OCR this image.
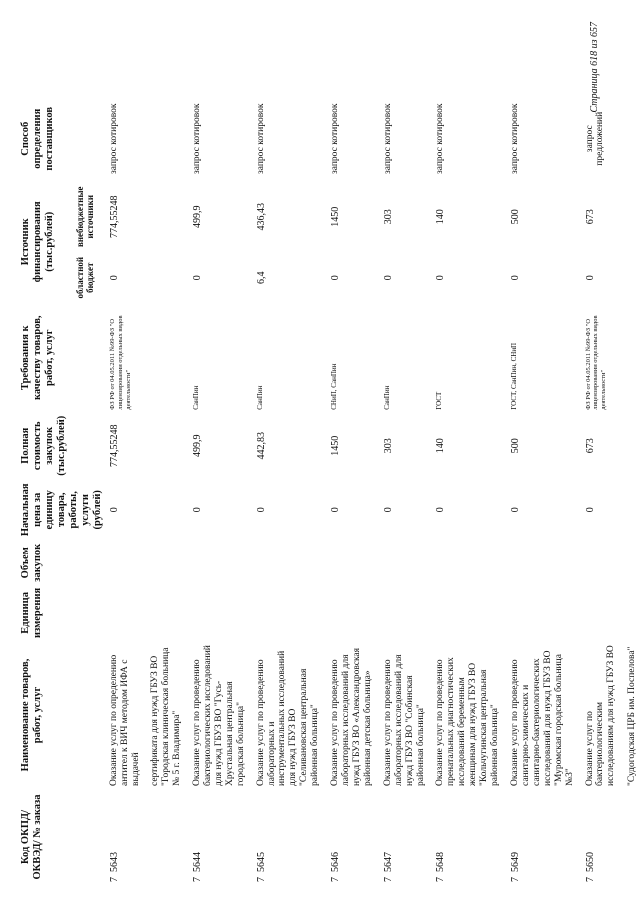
Код ОКПД/ ОКВЭД/ № заказа	Наименование товаров, работ, услуг	Единица измерения	Объем закупок	Начальная цена за единицу товара, работы, услуги (рублей)	Полная стоимость закупок (тыс.рублей)	Требования к качеству товаров, работ, услуг	Источник финансирования (тыс.рублей)		Способ определения поставщиков
							областной бюджет	внебюджетные источники	
7  5643	Оказание услуг по определению антител к ВИЧ методом ИФА с выдачей сертификата для нужд ГБУЗ ВО "Городская клиническая больница № 5 г. Владимира"			0	774,55248	ФЗ РФ от 04.05.2011 №99-ФЗ "О лицензировании отдельных видов деятельности"	0	774,55248	запрос котировок
7  5644	Оказание услуг по проведению бактериологических исследований для нужд ГБУЗ ВО "Гусь-Хрустальная центральная городская больница"			0	499,9	СанПин	0	499,9	запрос котировок
7  5645	Оказание услуг по проведению лабораторных и инструментальных исследований для нужд ГБУЗ ВО "Селивановская центральная районная больница"			0	442,83	СанПин	6,4	436,43	запрос котировок
7  5646	Оказание услуг по проведению лабораторных исследований для нужд ГБУЗ ВО «Александровская районная детская больница»			0	1450	СНиП, СанПин	0	1450	запрос котировок
7  5647	Оказание услуг по проведению лабораторных исследований для нужд ГБУЗ ВО "Собинская районная больница"			0	303	СанПин	0	303	запрос котировок
7  5648	Оказание услуг по проведению пренатальных диагностических исследований беременным женщинам для нужд ГБУЗ ВО "Кольчугинская центральная районная больница"			0	140	ГОСТ	0	140	запрос котировок
7  5649	Оказание услуг по проведению санитарно-химических и санитарно-бактериологических исследований для нужд ГБУЗ ВО "Муромская городская больница №3"			0	500	ГОСТ, СанПин, СНиП	0	500	запрос котировок
7  5650	Оказание услуг по бактериологическим исследованиям для нужд ГБУЗ ВО "Судогодская ЦРБ им. Поспелова"			0	673	ФЗ РФ от 04.05.2011 №99-ФЗ "О лицензировании отдельных видов деятельности"	0	673	запрос предложений
Страница 618 из 657
